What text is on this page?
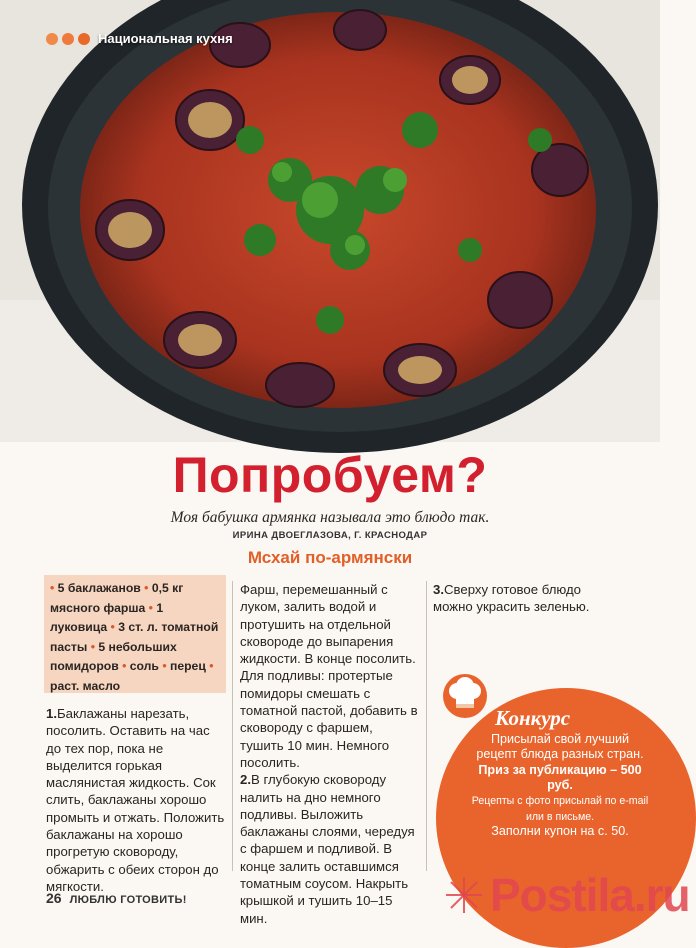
Национальная кухня
Попробуем?
Моя бабушка армянка называла это блюдо так.
ИРИНА ДВОЕГЛАЗОВА, Г. КРАСНОДАР
Мсхай по-армянски
• 5 баклажанов • 0,5 кг мясного фарша • 1 луковица • 3 ст. л. томатной пасты • 5 небольших помидоров • соль • перец • раст. масло

1.Баклажаны нарезать, посолить. Оставить на час до тех пор, пока не выделится горькая маслянистая жидкость. Сок слить, баклажаны хорошо промыть и отжать. Положить баклажаны на хорошо прогретую сковороду, обжарить с обеих сторон до мягкости.

Фарш, перемешанный с луком, залить водой и протушить на отдельной сковороде до выпарения жидкости. В конце посолить. Для подливы: протертые помидоры смешать с томатной пастой, добавить в сковороду с фаршем, тушить 10 мин. Немного посолить.

2.В глубокую сковороду налить на дно немного подливы. Выложить баклажаны слоями, чередуя с фаршем и подливой. В конце залить оставшимся томатным соусом. Накрыть крышкой и тушить 10–15 мин.

3.Сверху готовое блюдо можно украсить зеленью.

Конкурс
Присылай свой лучший рецепт блюда разных стран. Приз за публикацию – 500 руб.
Рецепты с фото присылай по e-mail или в письме.
Заполни купон на с. 50.
26 ЛЮБЛЮ ГОТОВИТЬ!	Postila.ru
